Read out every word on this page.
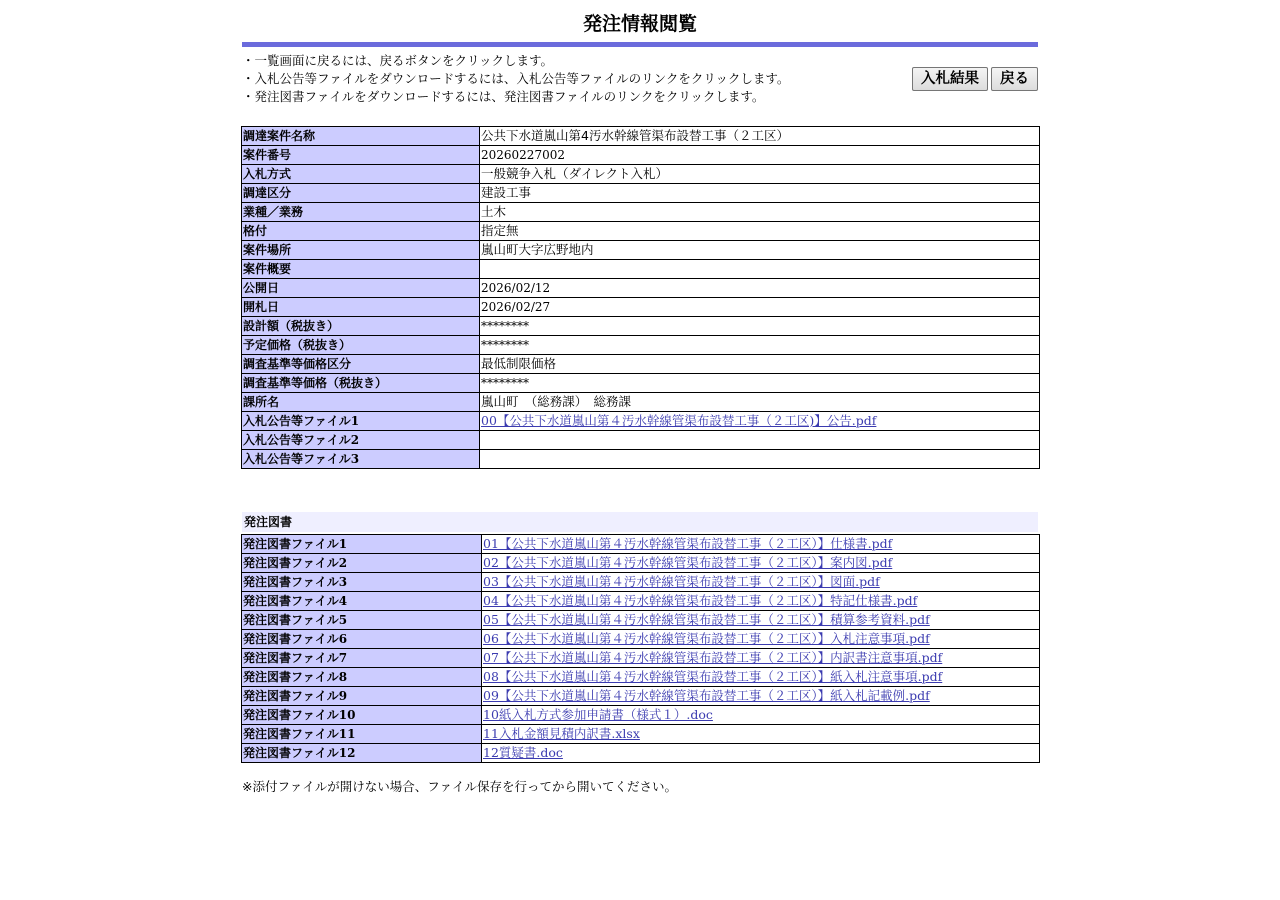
発注情報閲覧
・一覧画面に戻るには、戻るボタンをクリックします。
・入札公告等ファイルをダウンロードするには、入札公告等ファイルのリンクをクリックします。
・発注図書ファイルをダウンロードするには、発注図書ファイルのリンクをクリックします。
入札結果	戻る
調達案件名称	公共下水道嵐山第4汚水幹線管渠布設替工事（２工区）
案件番号	20260227002
入札方式	一般競争入札（ダイレクト入札）
調達区分	建設工事
業種／業務	土木
格付	指定無
案件場所	嵐山町大字広野地内
案件概要	
公開日	2026/02/12
開札日	2026/02/27
設計額（税抜き）	********
予定価格（税抜き）	********
調査基準等価格区分	最低制限価格
調査基準等価格（税抜き）	********
課所名	嵐山町　（総務課）　総務課
入札公告等ファイル1	00【公共下水道嵐山第４汚水幹線管渠布設替工事（２工区)】公告.pdf
入札公告等ファイル2	
入札公告等ファイル3	
発注図書
発注図書ファイル1	01【公共下水道嵐山第４汚水幹線管渠布設替工事（２工区）】仕様書.pdf
発注図書ファイル2	02【公共下水道嵐山第４汚水幹線管渠布設替工事（２工区）】案内図.pdf
発注図書ファイル3	03【公共下水道嵐山第４汚水幹線管渠布設替工事（２工区）】図面.pdf
発注図書ファイル4	04【公共下水道嵐山第４汚水幹線管渠布設替工事（２工区）】特記仕様書.pdf
発注図書ファイル5	05【公共下水道嵐山第４汚水幹線管渠布設替工事（２工区）】積算参考資料.pdf
発注図書ファイル6	06【公共下水道嵐山第４汚水幹線管渠布設替工事（２工区）】入札注意事項.pdf
発注図書ファイル7	07【公共下水道嵐山第４汚水幹線管渠布設替工事（２工区）】内訳書注意事項.pdf
発注図書ファイル8	08【公共下水道嵐山第４汚水幹線管渠布設替工事（２工区）】紙入札注意事項.pdf
発注図書ファイル9	09【公共下水道嵐山第４汚水幹線管渠布設替工事（２工区）】紙入札記載例.pdf
発注図書ファイル10	10紙入札方式参加申請書（様式１）.doc
発注図書ファイル11	11入札金額見積内訳書.xlsx
発注図書ファイル12	12質疑書.doc
※添付ファイルが開けない場合、ファイル保存を行ってから開いてください。
